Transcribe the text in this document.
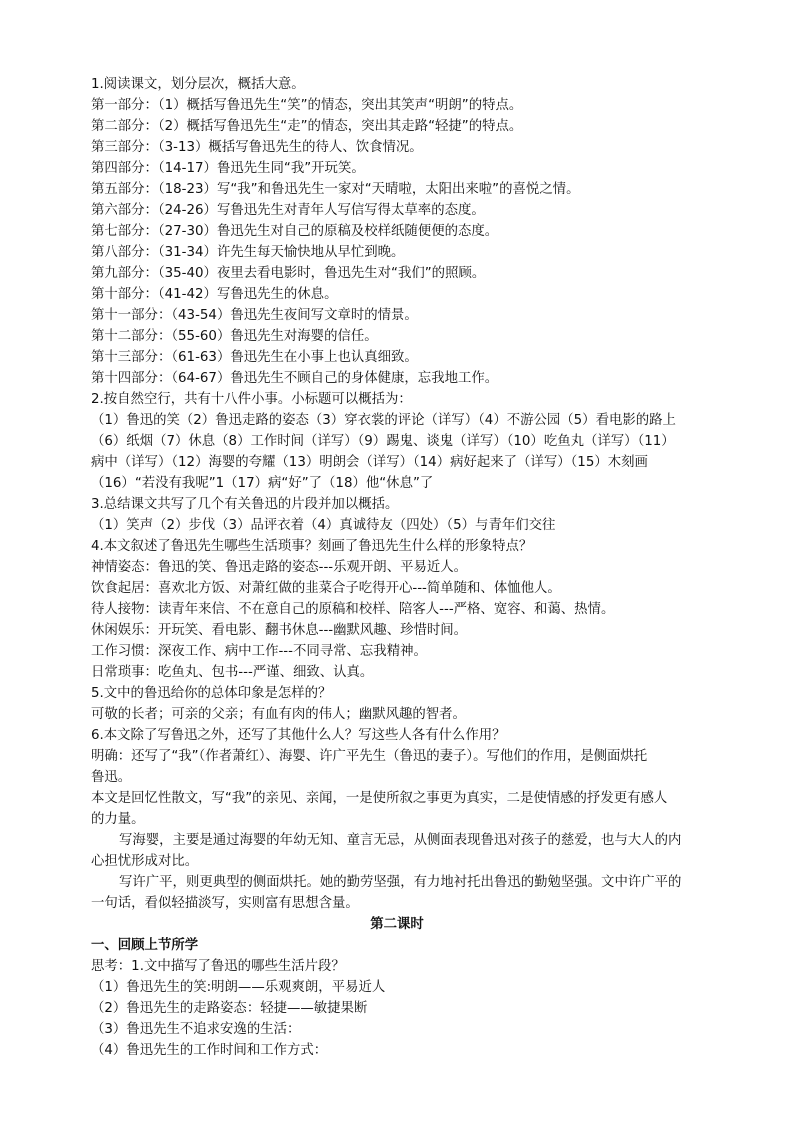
1.阅读课文，划分层次，概括大意。
第一部分：（1）概括写鲁迅先生“笑”的情态，突出其笑声“明朗”的特点。
第二部分：（2）概括写鲁迅先生“走”的情态，突出其走路“轻捷”的特点。
第三部分：（3-13）概括写鲁迅先生的待人、饮食情况。
第四部分：（14-17）鲁迅先生同“我”开玩笑。
第五部分：（18-23）写“我”和鲁迅先生一家对“天晴啦，太阳出来啦”的喜悦之情。
第六部分：（24-26）写鲁迅先生对青年人写信写得太草率的态度。
第七部分：（27-30）鲁迅先生对自己的原稿及校样纸随便便的态度。
第八部分：（31-34）许先生每天愉快地从早忙到晚。
第九部分：（35-40）夜里去看电影时，鲁迅先生对“我们”的照顾。
第十部分：（41-42）写鲁迅先生的休息。
第十一部分：（43-54）鲁迅先生夜间写文章时的情景。
第十二部分：（55-60）鲁迅先生对海婴的信任。
第十三部分：（61-63）鲁迅先生在小事上也认真细致。
第十四部分：（64-67）鲁迅先生不顾自己的身体健康，忘我地工作。
2.按自然空行，共有十八件小事。小标题可以概括为：
（1）鲁迅的笑（2）鲁迅走路的姿态（3）穿衣裳的评论（详写）（4）不游公园（5）看电影的路上
（6）纸烟（7）休息（8）工作时间（详写）（9）踢鬼、谈鬼（详写）（10）吃鱼丸（详写）（11）
病中（详写）（12）海婴的夸耀（13）明朗会（详写）（14）病好起来了（详写）（15）木刻画
（16）“若没有我呢”1（17）病“好”了（18）他“休息”了
3.总结课文共写了几个有关鲁迅的片段并加以概括。
（1）笑声（2）步伐（3）品评衣着（4）真诚待友（四处）（5）与青年们交往
4.本文叙述了鲁迅先生哪些生活琐事？刻画了鲁迅先生什么样的形象特点？
神情姿态：鲁迅的笑、鲁迅走路的姿态---乐观开朗、平易近人。
饮食起居：喜欢北方饭、对萧红做的韭菜合子吃得开心---简单随和、体恤他人。
待人接物：读青年来信、不在意自己的原稿和校样、陪客人---严格、宽容、和蔼、热情。
休闲娱乐：开玩笑、看电影、翻书休息---幽默风趣、珍惜时间。
工作习惯：深夜工作、病中工作---不同寻常、忘我精神。
日常琐事：吃鱼丸、包书---严谨、细致、认真。
5.文中的鲁迅给你的总体印象是怎样的？
可敬的长者；可亲的父亲；有血有肉的伟人；幽默风趣的智者。
6.本文除了写鲁迅之外，还写了其他什么人？写这些人各有什么作用？
明确：还写了“我”（作者萧红）、海婴、许广平先生（鲁迅的妻子）。写他们的作用，是侧面烘托
鲁迅。
本文是回忆性散文，写“我”的亲见、亲闻，一是使所叙之事更为真实，二是使情感的抒发更有感人
的力量。
写海婴，主要是通过海婴的年幼无知、童言无忌，从侧面表现鲁迅对孩子的慈爱，也与大人的内
心担忧形成对比。
写许广平，则更典型的侧面烘托。她的勤劳坚强，有力地衬托出鲁迅的勤勉坚强。文中许广平的
一句话，看似轻描淡写，实则富有思想含量。
第二课时
一、回顾上节所学
思考：1.文中描写了鲁迅的哪些生活片段？
（1）鲁迅先生的笑:明朗——乐观爽朗，平易近人
（2）鲁迅先生的走路姿态：轻捷——敏捷果断
（3）鲁迅先生不追求安逸的生活：
（4）鲁迅先生的工作时间和工作方式：
